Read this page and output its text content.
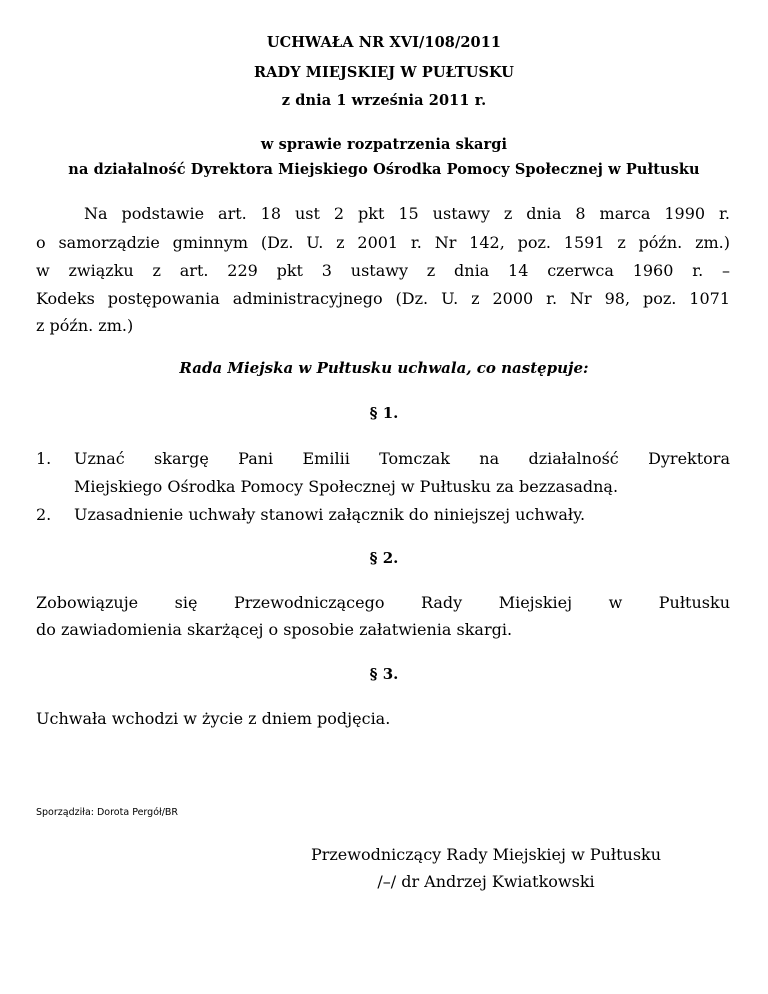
UCHWAŁA NR XVI/108/2011
RADY MIEJSKIEJ W PUŁTUSKU
z dnia 1 września 2011 r.
w sprawie rozpatrzenia skargi
na działalność Dyrektora Miejskiego Ośrodka Pomocy Społecznej w Pułtusku
Na podstawie art. 18 ust 2 pkt 15 ustawy z dnia 8 marca 1990 r.
o samorządzie gminnym (Dz. U. z 2001 r. Nr 142, poz. 1591 z późn. zm.)
w związku z art. 229 pkt 3 ustawy z dnia 14 czerwca 1960 r. –
Kodeks postępowania administracyjnego (Dz. U. z 2000 r. Nr 98, poz. 1071
z późn. zm.)
Rada Miejska w Pułtusku uchwala, co następuje:
§ 1.
1. Uznać skargę Pani Emilii Tomczak na działalność Dyrektora
Miejskiego Ośrodka Pomocy Społecznej w Pułtusku za bezzasadną.
2. Uzasadnienie uchwały stanowi załącznik do niniejszej uchwały.
§ 2.
Zobowiązuje się Przewodniczącego Rady Miejskiej w Pułtusku
do zawiadomienia skarżącej o sposobie załatwienia skargi.
§ 3.
Uchwała wchodzi w życie z dniem podjęcia.
Sporządziła: Dorota Pergół/BR
Przewodniczący Rady Miejskiej w Pułtusku
/–/ dr Andrzej Kwiatkowski
